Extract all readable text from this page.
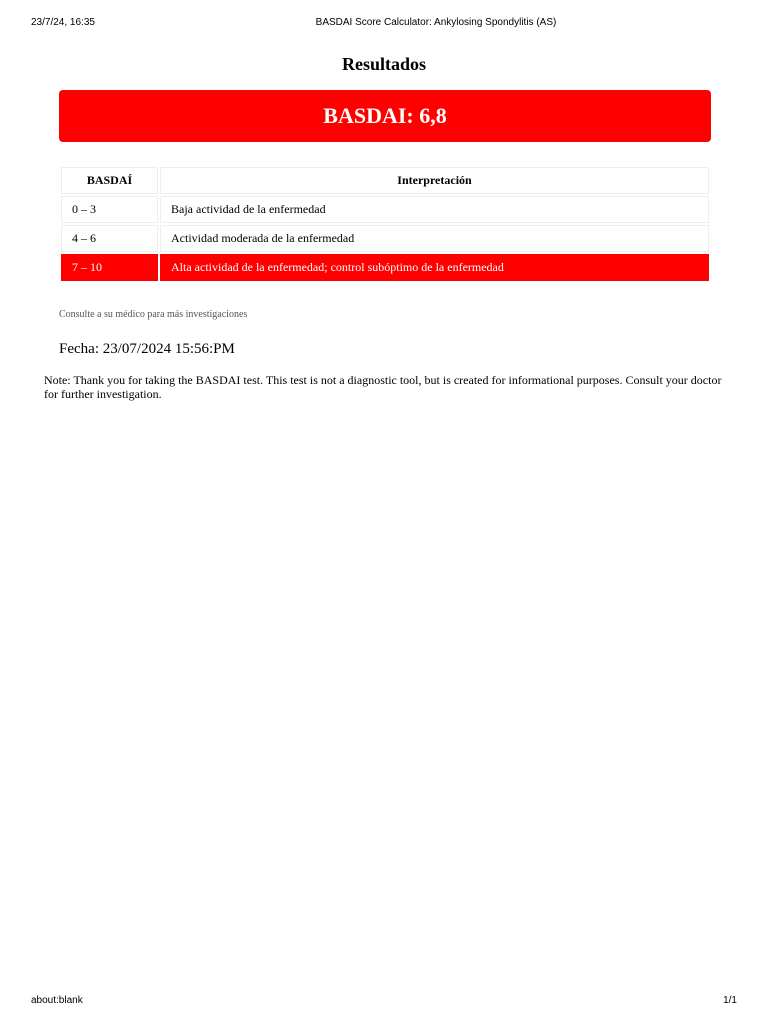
23/7/24, 16:35	BASDAI Score Calculator: Ankylosing Spondylitis (AS)
Resultados
BASDAI: 6,8
BASDAÍ	Interpretación
0 – 3	Baja actividad de la enfermedad
4 – 6	Actividad moderada de la enfermedad
7 – 10	Alta actividad de la enfermedad; control subóptimo de la enfermedad
Consulte a su médico para más investigaciones
Fecha: 23/07/2024 15:56:PM
Note: Thank you for taking the BASDAI test. This test is not a diagnostic tool, but is created for informational purposes. Consult your doctor for further investigation.
about:blank	1/1
